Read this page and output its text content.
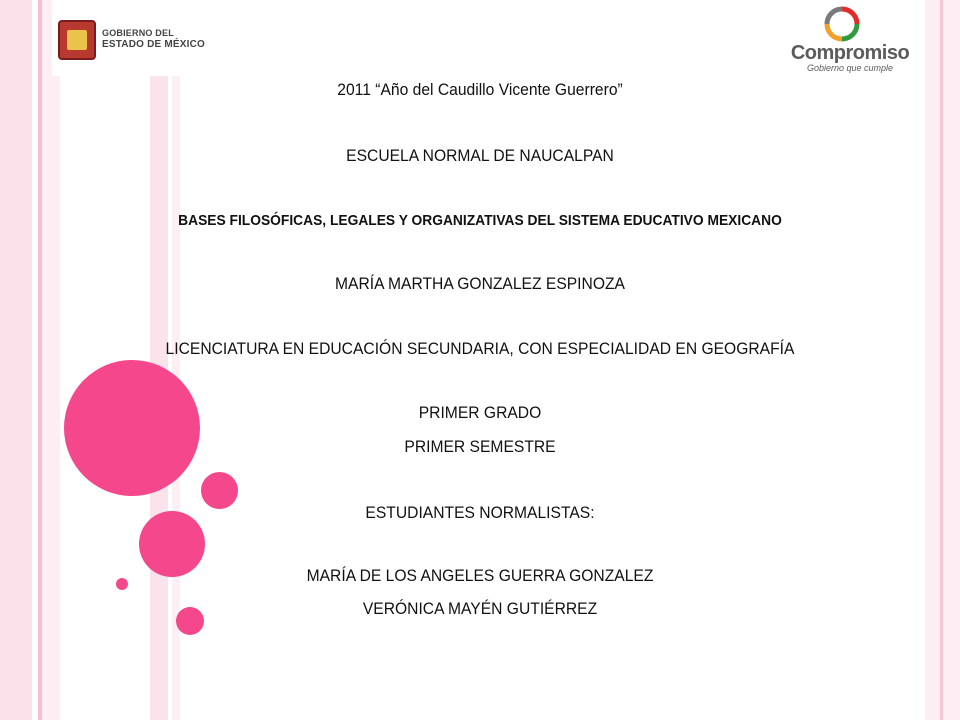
GOBIERNO DEL
ESTADO DE MÉXICO	Compromiso
Gobierno que cumple
2011 “Año del Caudillo Vicente Guerrero”
ESCUELA NORMAL DE NAUCALPAN
BASES FILOSÓFICAS, LEGALES Y ORGANIZATIVAS DEL SISTEMA EDUCATIVO MEXICANO
MARÍA MARTHA GONZALEZ ESPINOZA
LICENCIATURA EN EDUCACIÓN SECUNDARIA, CON ESPECIALIDAD EN GEOGRAFÍA
PRIMER GRADO
PRIMER SEMESTRE
ESTUDIANTES NORMALISTAS:
MARÍA DE LOS ANGELES GUERRA GONZALEZ
VERÓNICA MAYÉN GUTIÉRREZ
